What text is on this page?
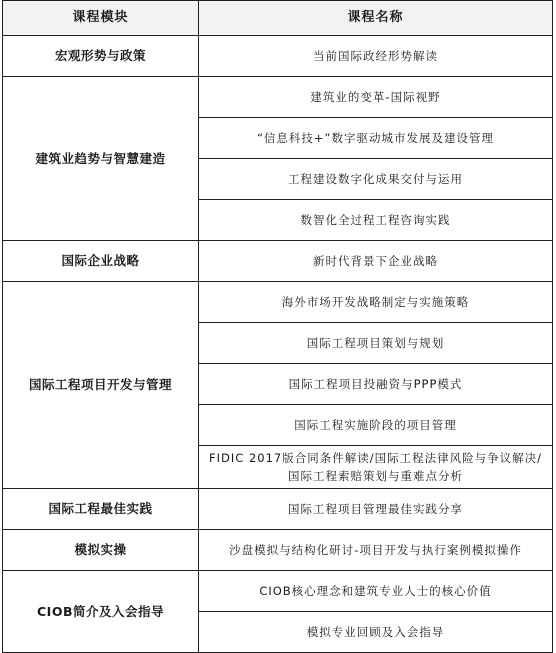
课程模块	课程名称
宏观形势与政策	当前国际政经形势解读
建筑业趋势与智慧建造	建筑业的变革-国际视野
	“信息科技+”数字驱动城市发展及建设管理
	工程建设数字化成果交付与运用
	数智化全过程工程咨询实践
国际企业战略	新时代背景下企业战略
国际工程项目开发与管理	海外市场开发战略制定与实施策略
	国际工程项目策划与规划
	国际工程项目投融资与PPP模式
	国际工程实施阶段的项目管理
	FIDIC 2017版合同条件解读/国际工程法律风险与争议解决/国际工程索赔策划与重难点分析
国际工程最佳实践	国际工程项目管理最佳实践分享
模拟实操	沙盘模拟与结构化研讨-项目开发与执行案例模拟操作
CIOB简介及入会指导	CIOB核心理念和建筑专业人士的核心价值
	模拟专业回顾及入会指导
